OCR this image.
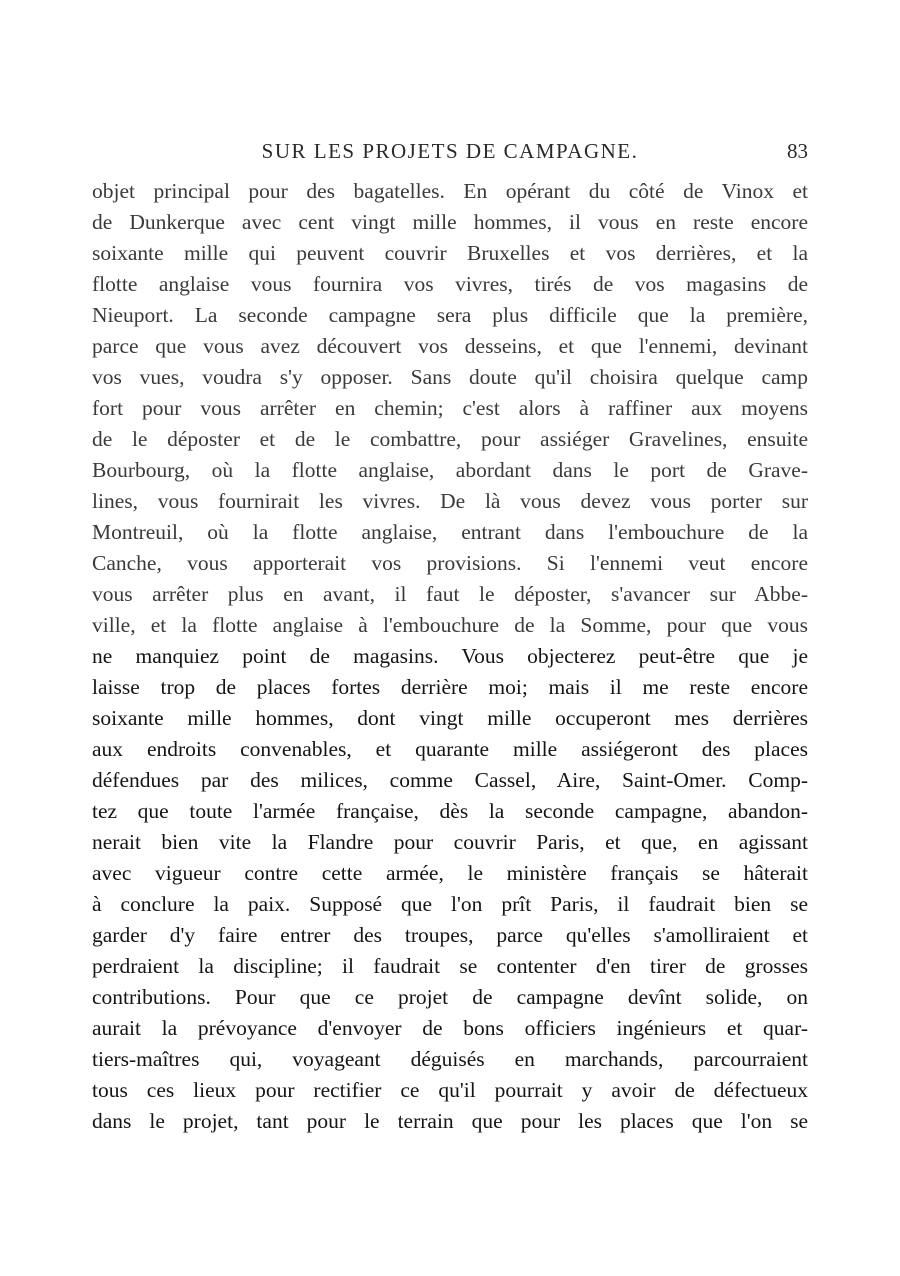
SUR LES PROJETS DE CAMPAGNE.	83
objet principal pour des bagatelles. En opérant du côté de Vinox et
de Dunkerque avec cent vingt mille hommes, il vous en reste encore
soixante mille qui peuvent couvrir Bruxelles et vos derrières, et la
flotte anglaise vous fournira vos vivres, tirés de vos magasins de
Nieuport. La seconde campagne sera plus difficile que la première,
parce que vous avez découvert vos desseins, et que l'ennemi, devinant
vos vues, voudra s'y opposer. Sans doute qu'il choisira quelque camp
fort pour vous arrêter en chemin; c'est alors à raffiner aux moyens
de le déposter et de le combattre, pour assiéger Gravelines, ensuite
Bourbourg, où la flotte anglaise, abordant dans le port de Grave-
lines, vous fournirait les vivres. De là vous devez vous porter sur
Montreuil, où la flotte anglaise, entrant dans l'embouchure de la
Canche, vous apporterait vos provisions. Si l'ennemi veut encore
vous arrêter plus en avant, il faut le déposter, s'avancer sur Abbe-
ville, et la flotte anglaise à l'embouchure de la Somme, pour que vous
ne manquiez point de magasins. Vous objecterez peut-être que je
laisse trop de places fortes derrière moi; mais il me reste encore
soixante mille hommes, dont vingt mille occuperont mes derrières
aux endroits convenables, et quarante mille assiégeront des places
défendues par des milices, comme Cassel, Aire, Saint-Omer. Comp-
tez que toute l'armée française, dès la seconde campagne, abandon-
nerait bien vite la Flandre pour couvrir Paris, et que, en agissant
avec vigueur contre cette armée, le ministère français se hâterait
à conclure la paix. Supposé que l'on prît Paris, il faudrait bien se
garder d'y faire entrer des troupes, parce qu'elles s'amolliraient et
perdraient la discipline; il faudrait se contenter d'en tirer de grosses
contributions. Pour que ce projet de campagne devînt solide, on
aurait la prévoyance d'envoyer de bons officiers ingénieurs et quar-
tiers-maîtres qui, voyageant déguisés en marchands, parcourraient
tous ces lieux pour rectifier ce qu'il pourrait y avoir de défectueux
dans le projet, tant pour le terrain que pour les places que l'on se
